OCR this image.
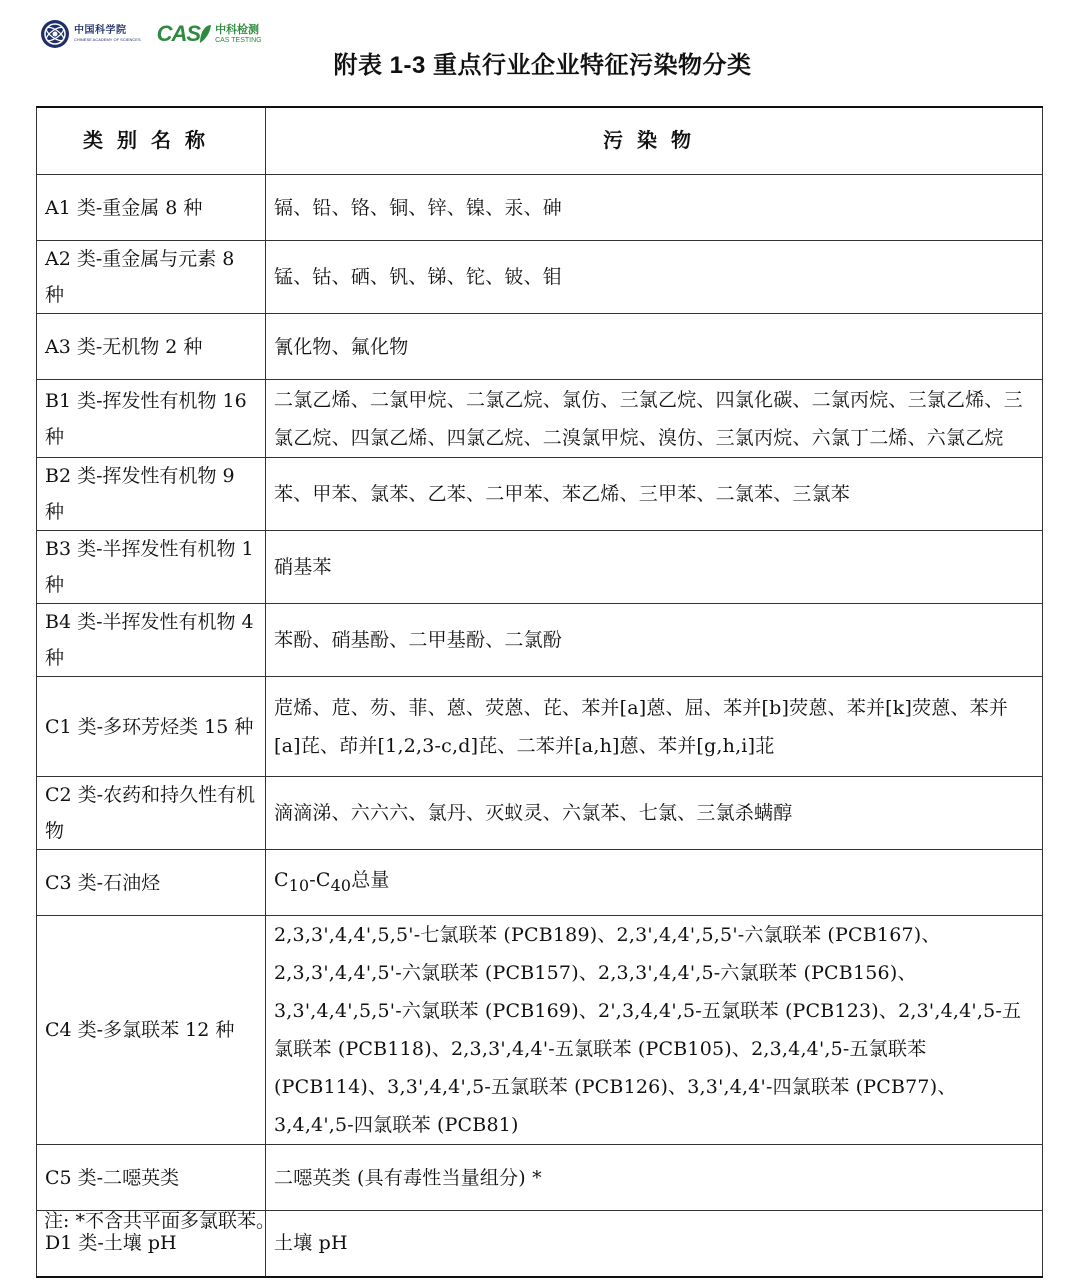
中国科学院
CHINESE ACADEMY OF SCIENCES CAS 中科检测
CAS TESTING
附表 1-3 重点行业企业特征污染物分类
类别名称	污染物
A1 类-重金属 8 种	镉、铅、铬、铜、锌、镍、汞、砷
A2 类-重金属与元素 8 种	锰、钴、硒、钒、锑、铊、铍、钼
A3 类-无机物 2 种	氰化物、氟化物
B1 类-挥发性有机物 16 种	二氯乙烯、二氯甲烷、二氯乙烷、氯仿、三氯乙烷、四氯化碳、二氯丙烷、三氯乙烯、三氯乙烷、四氯乙烯、四氯乙烷、二溴氯甲烷、溴仿、三氯丙烷、六氯丁二烯、六氯乙烷
B2 类-挥发性有机物 9 种	苯、甲苯、氯苯、乙苯、二甲苯、苯乙烯、三甲苯、二氯苯、三氯苯
B3 类-半挥发性有机物 1 种	硝基苯
B4 类-半挥发性有机物 4 种	苯酚、硝基酚、二甲基酚、二氯酚
C1 类-多环芳烃类 15 种	苊烯、苊、芴、菲、蒽、荧蒽、芘、苯并[a]蒽、屈、苯并[b]荧蒽、苯并[k]荧蒽、苯并[a]芘、茚并[1,2,3-c,d]芘、二苯并[a,h]蒽、苯并[g,h,i]苝
C2 类-农药和持久性有机物	滴滴涕、六六六、氯丹、灭蚁灵、六氯苯、七氯、三氯杀螨醇
C3 类-石油烃	$C_{10}-C_{40}$总量
C4 类-多氯联苯 12 种	2,3,3',4,4',5,5'-七氯联苯 (PCB189)、2,3',4,4',5,5'-六氯联苯 (PCB167)、2,3,3',4,4',5'-六氯联苯 (PCB157)、2,3,3',4,4',5-六氯联苯 (PCB156)、3,3',4,4',5,5'-六氯联苯 (PCB169)、2',3,4,4',5-五氯联苯 (PCB123)、2,3',4,4',5-五氯联苯 (PCB118)、2,3,3',4,4'-五氯联苯 (PCB105)、2,3,4,4',5-五氯联苯 (PCB114)、3,3',4,4',5-五氯联苯 (PCB126)、3,3',4,4'-四氯联苯 (PCB77)、3,4,4',5-四氯联苯 (PCB81)
C5 类-二噁英类	二噁英类 (具有毒性当量组分) *
D1 类-土壤 pH	土壤 pH
注: *不含共平面多氯联苯。
